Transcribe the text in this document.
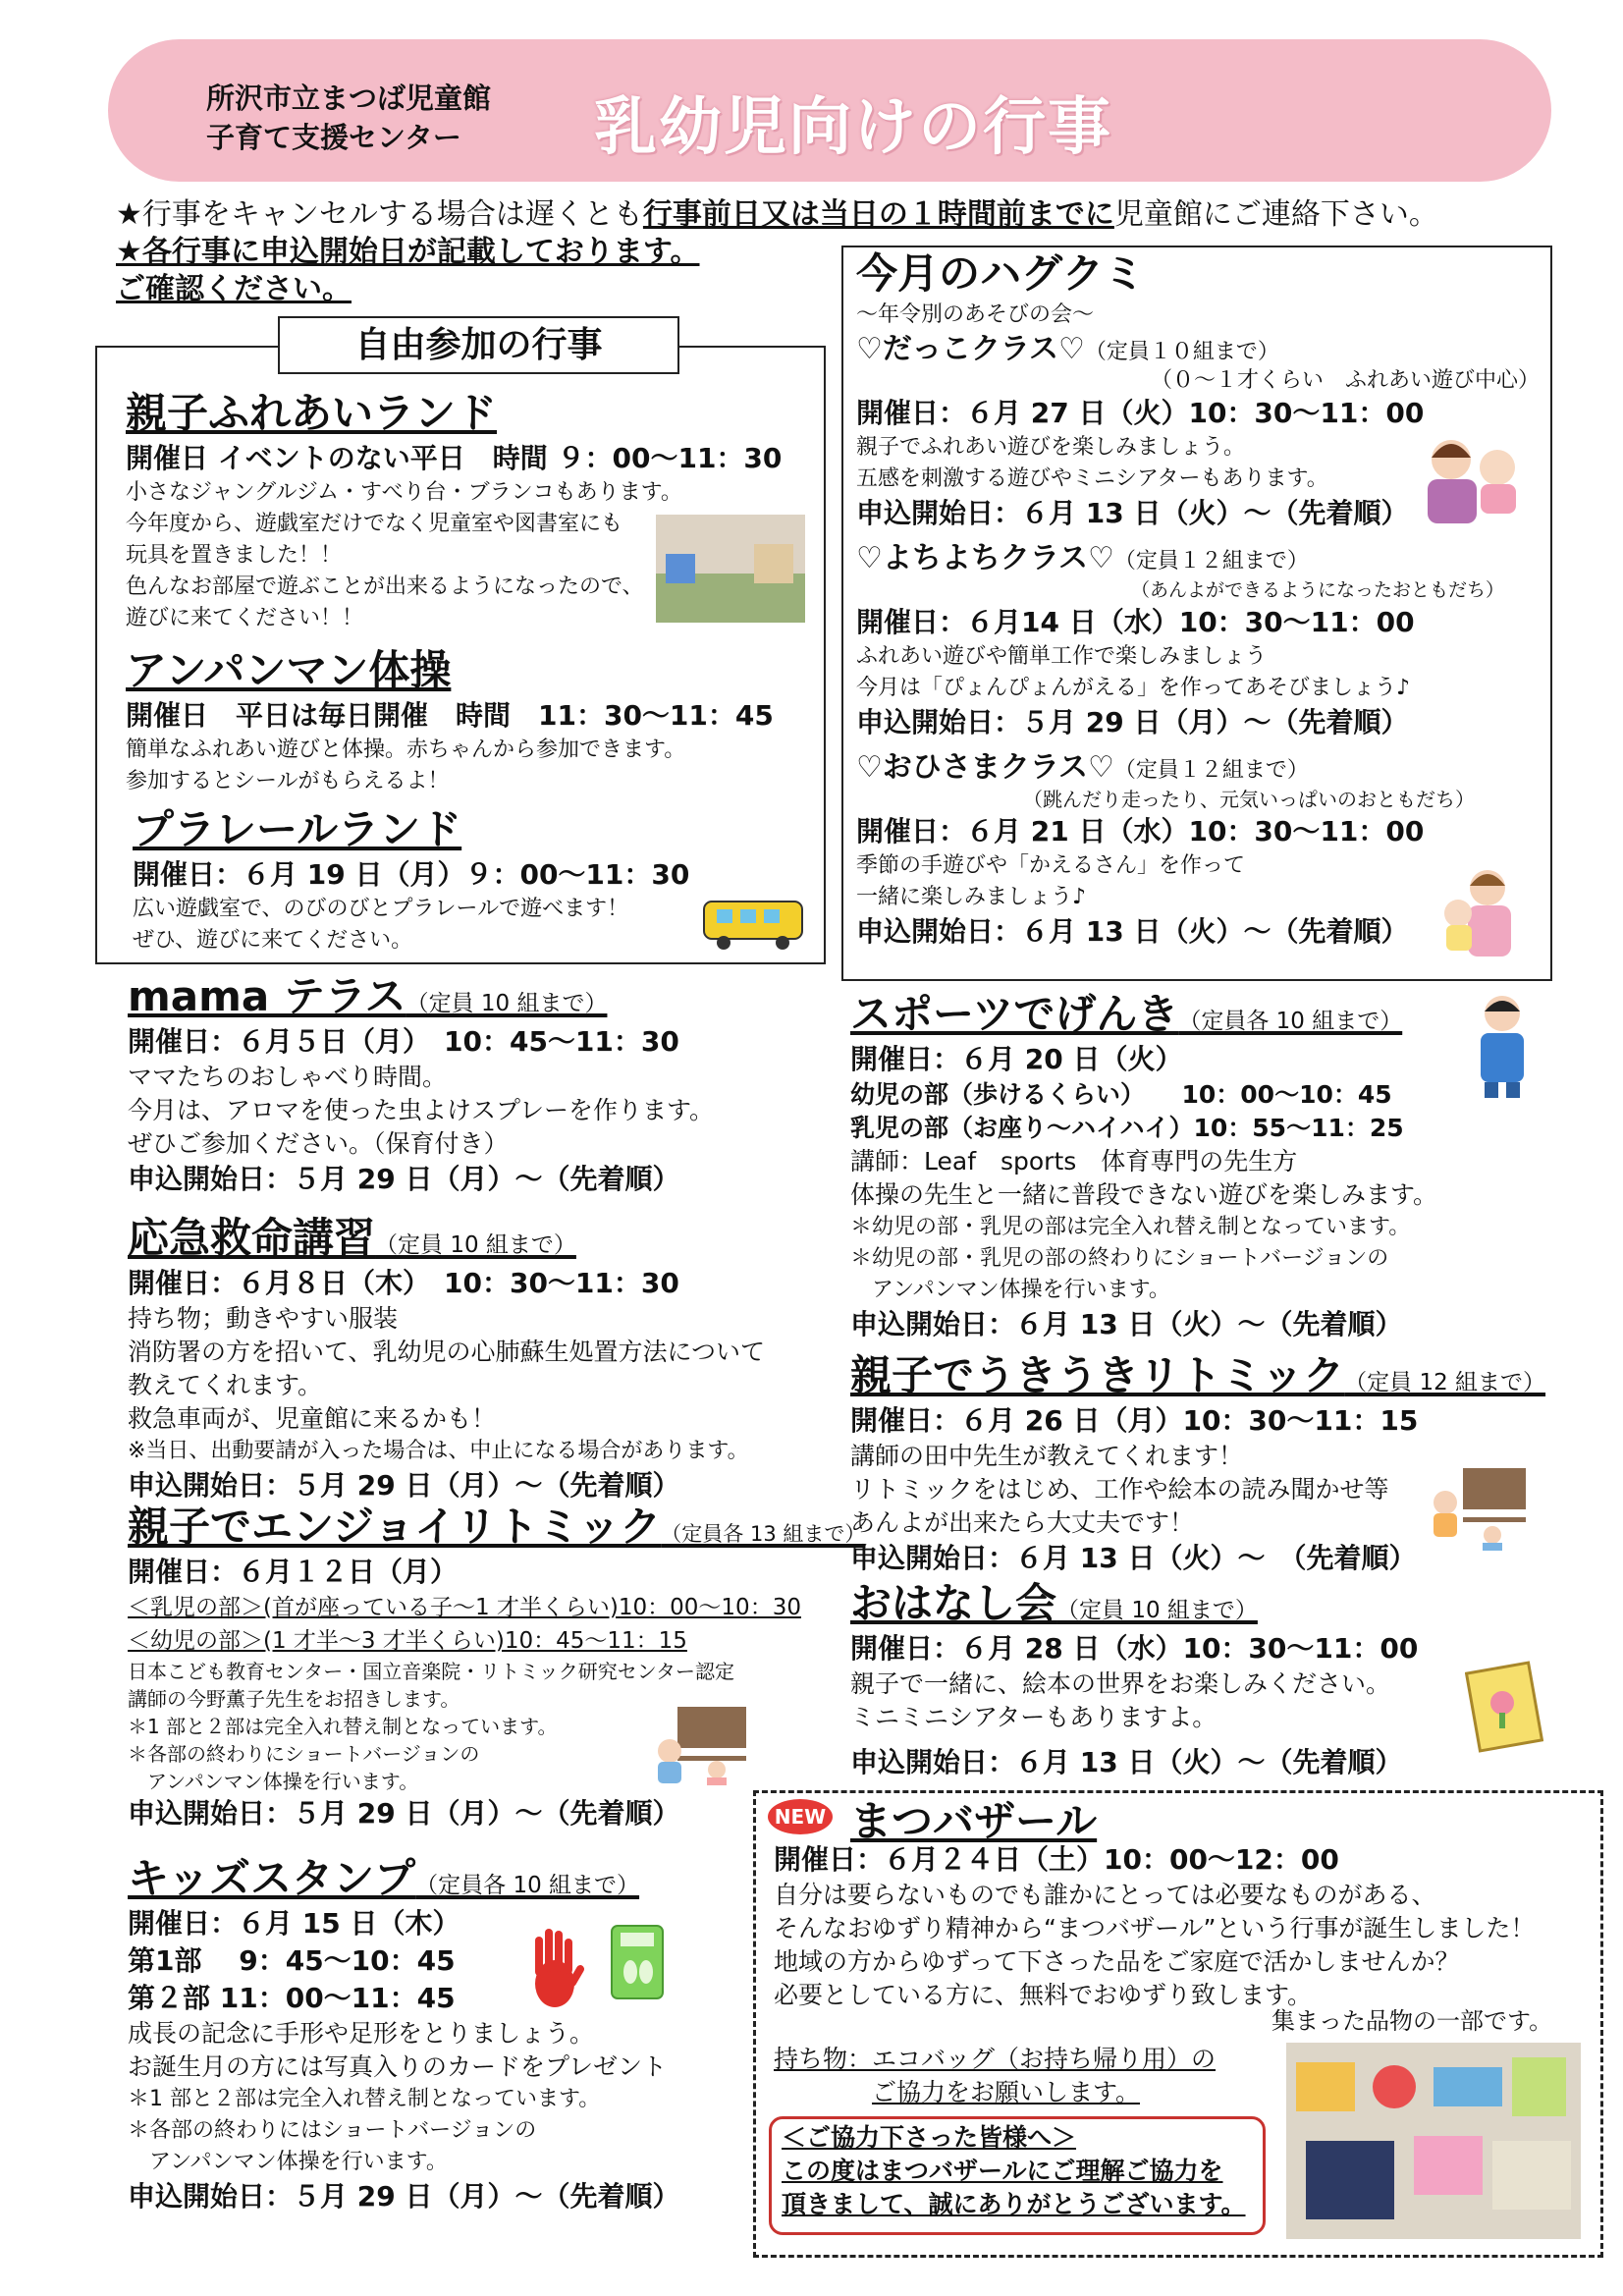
所沢市立まつば児童館
子育て支援センター	乳幼児向けの行事
★行事をキャンセルする場合は遅くとも行事前日又は当日の１時間前までに児童館にご連絡下さい。
★各行事に申込開始日が記載しております。
ご確認ください。
自由参加の行事
親子ふれあいランド
開催日 イベントのない平日　時間 ９：00～11：30
小さなジャングルジム・すべり台・ブランコもあります。
今年度から、遊戯室だけでなく児童室や図書室にも
玩具を置きました！！
色んなお部屋で遊ぶことが出来るようになったので、
遊びに来てください！！
アンパンマン体操
開催日　平日は毎日開催　時間　11：30～11：45
簡単なふれあい遊びと体操。赤ちゃんから参加できます。
参加するとシールがもらえるよ！
プラレールランド
開催日：６月 19 日（月）９：00～11：30
広い遊戯室で、のびのびとプラレールで遊べます！
ぜひ、遊びに来てください。
今月のハグクミ
～年令別のあそびの会～
♡だっこクラス♡（定員１０組まで）
（０～１才くらい　ふれあい遊び中心）
開催日：６月 27 日（火）10：30～11：00
親子でふれあい遊びを楽しみましょう。
五感を刺激する遊びやミニシアターもあります。
申込開始日：６月 13 日（火）～（先着順）
♡よちよちクラス♡（定員１２組まで）
（あんよができるようになったおともだち）
開催日：６月14 日（水）10：30～11：00
ふれあい遊びや簡単工作で楽しみましょう
今月は「ぴょんぴょんがえる」を作ってあそびましょう♪
申込開始日：５月 29 日（月）～（先着順）
♡おひさまクラス♡（定員１２組まで）
（跳んだり走ったり、元気いっぱいのおともだち）
開催日：６月 21 日（水）10：30～11：00
季節の手遊びや「かえるさん」を作って
一緒に楽しみましょう♪
申込開始日：６月 13 日（火）～（先着順）
mama テラス（定員 10 組まで）
開催日：６月５日（月）　10：45～11：30
ママたちのおしゃべり時間。
今月は、アロマを使った虫よけスプレーを作ります。
ぜひご参加ください。（保育付き）
申込開始日：５月 29 日（月）～（先着順）
応急救命講習（定員 10 組まで）
開催日：６月８日（木）　10：30～11：30
持ち物；動きやすい服装
消防署の方を招いて、乳幼児の心肺蘇生処置方法について
教えてくれます。
救急車両が、児童館に来るかも！
※当日、出動要請が入った場合は、中止になる場合があります。
申込開始日：５月 29 日（月）～（先着順）
親子でエンジョイリトミック（定員各 13 組まで）
開催日：６月１２日（月）
＜乳児の部＞(首が座っている子～1 才半くらい)10：00～10：30
＜幼児の部＞(1 才半～3 才半くらい)10：45～11：15
日本こども教育センター・国立音楽院・リトミック研究センター認定
講師の今野薫子先生をお招きします。
＊1 部と２部は完全入れ替え制となっています。
＊各部の終わりにショートバージョンの
　アンパンマン体操を行います。
申込開始日：５月 29 日（月）～（先着順）
キッズスタンプ（定員各 10 組まで）
開催日：６月 15 日（木）
第1部　 9：45～10：45
第２部 11：00～11：45
成長の記念に手形や足形をとりましょう。
お誕生月の方には写真入りのカードをプレゼント
＊1 部と２部は完全入れ替え制となっています。
＊各部の終わりにはショートバージョンの
　アンパンマン体操を行います。
申込開始日：５月 29 日（月）～（先着順）
スポーツでげんき（定員各 10 組まで）
開催日：６月 20 日（火）
幼児の部（歩けるくらい）　　10：00～10：45
乳児の部（お座り～ハイハイ）10：55～11：25
講師：Leaf　sports　体育専門の先生方
体操の先生と一緒に普段できない遊びを楽しみます。
＊幼児の部・乳児の部は完全入れ替え制となっています。
＊幼児の部・乳児の部の終わりにショートバージョンの
　アンパンマン体操を行います。
申込開始日：６月 13 日（火）～（先着順）
親子でうきうきリトミック（定員 12 組まで）
開催日：６月 26 日（月）10：30～11：15
講師の田中先生が教えてくれます！
リトミックをはじめ、工作や絵本の読み聞かせ等
あんよが出来たら大丈夫です！
申込開始日：６月 13 日（火）～　（先着順）
おはなし会（定員 10 組まで）
開催日：６月 28 日（水）10：30～11：00
親子で一緒に、絵本の世界をお楽しみください。
ミニミニシアターもありますよ。
申込開始日：６月 13 日（火）～（先着順）
NEW まつバザール
開催日：６月２４日（土）10：00～12：00
自分は要らないものでも誰かにとっては必要なものがある、
そんなおゆずり精神から“まつバザール”という行事が誕生しました！
地域の方からゆずって下さった品をご家庭で活かしませんか？
必要としている方に、無料でおゆずり致します。
集まった品物の一部です。
持ち物：エコバッグ（お持ち帰り用）の
ご協力をお願いします。
＜ご協力下さった皆様へ＞
この度はまつバザールにご理解ご協力を
頂きまして、誠にありがとうございます。
